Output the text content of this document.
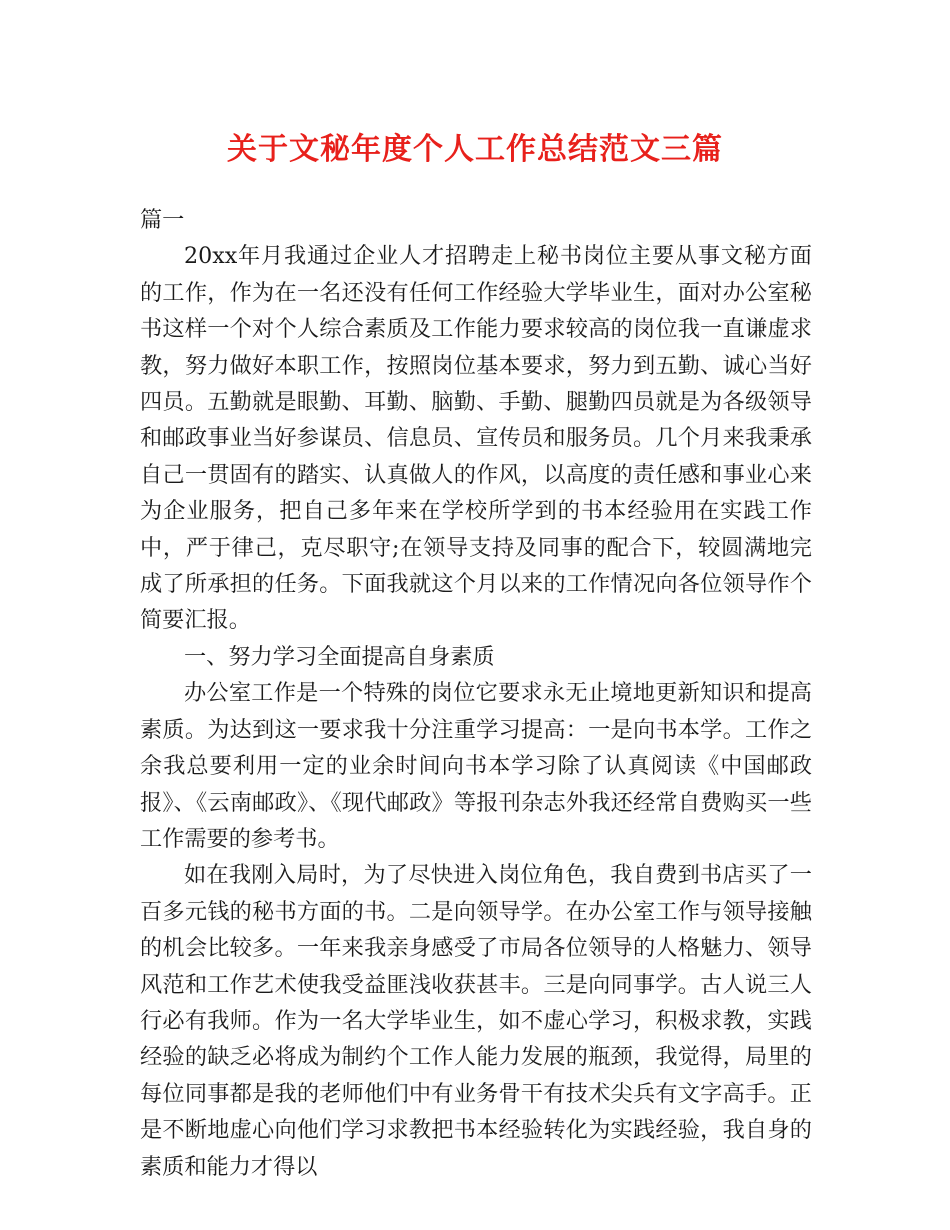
关于文秘年度个人工作总结范文三篇

篇一

20xx年月我通过企业人才招聘走上秘书岗位主要从事文秘方面的工作，作为在一名还没有任何工作经验大学毕业生，面对办公室秘书这样一个对个人综合素质及工作能力要求较高的岗位我一直谦虚求教，努力做好本职工作，按照岗位基本要求，努力到五勤、诚心当好四员。五勤就是眼勤、耳勤、脑勤、手勤、腿勤四员就是为各级领导和邮政事业当好参谋员、信息员、宣传员和服务员。几个月来我秉承自己一贯固有的踏实、认真做人的作风，以高度的责任感和事业心来为企业服务，把自己多年来在学校所学到的书本经验用在实践工作中，严于律己，克尽职守;在领导支持及同事的配合下，较圆满地完成了所承担的任务。下面我就这个月以来的工作情况向各位领导作个简要汇报。

一、努力学习全面提高自身素质

办公室工作是一个特殊的岗位它要求永无止境地更新知识和提高素质。为达到这一要求我十分注重学习提高：一是向书本学。工作之余我总要利用一定的业余时间向书本学习除了认真阅读《中国邮政报》、《云南邮政》、《现代邮政》等报刊杂志外我还经常自费购买一些工作需要的参考书。

如在我刚入局时，为了尽快进入岗位角色，我自费到书店买了一百多元钱的秘书方面的书。二是向领导学。在办公室工作与领导接触的机会比较多。一年来我亲身感受了市局各位领导的人格魅力、领导风范和工作艺术使我受益匪浅收获甚丰。三是向同事学。古人说三人行必有我师。作为一名大学毕业生，如不虚心学习，积极求教，实践经验的缺乏必将成为制约个工作人能力发展的瓶颈，我觉得，局里的每位同事都是我的老师他们中有业务骨干有技术尖兵有文字高手。正是不断地虚心向他们学习求教把书本经验转化为实践经验，我自身的素质和能力才得以
